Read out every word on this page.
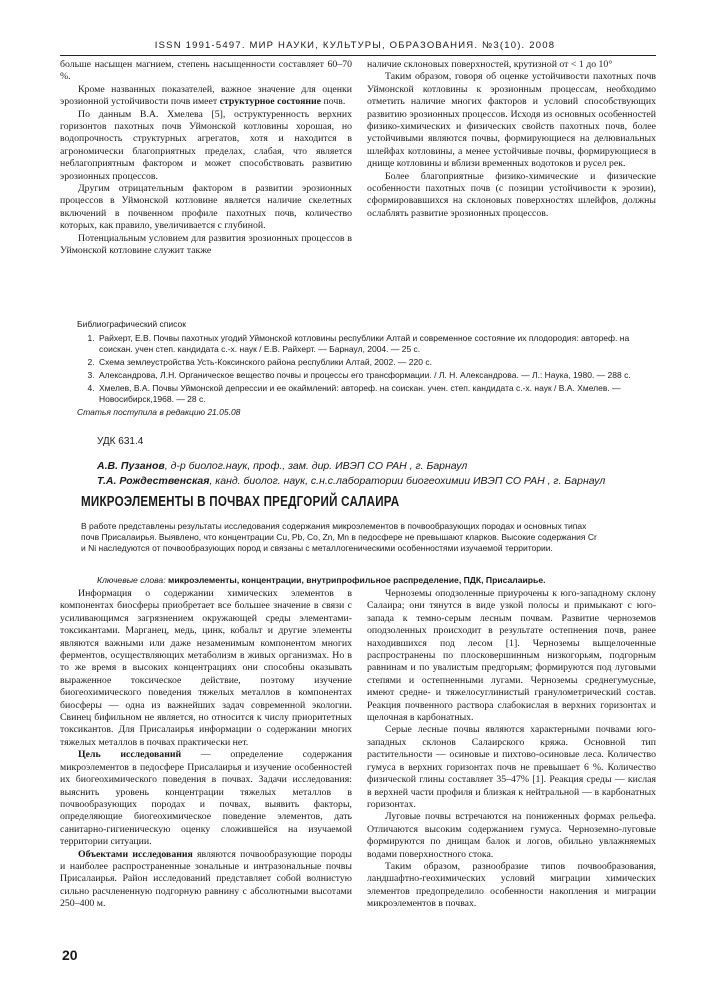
ISSN 1991-5497. МИР НАУКИ, КУЛЬТУРЫ, ОБРАЗОВАНИЯ. №3(10). 2008

больше насыщен магнием, степень насыщенности составляет 60–70 %.

Кроме названных показателей, важное значение для оценки эрозионной устойчивости почв имеет структурное состояние почв.

По данным В.А. Хмелева [5], оструктуренность верхних горизонтов пахотных почв Уймонской котловины хорошая, но водопрочность структурных агрегатов, хотя и находится в агрономически благоприятных пределах, слабая, что является неблагоприятным фактором и может способствовать развитию эрозионных процессов.

Другим отрицательным фактором в развитии эрозионных процессов в Уймонской котловине является наличие скелетных включений в почвенном профиле пахотных почв, количество которых, как правило, увеличивается с глубиной.

Потенциальным условием для развития эрозионных процессов в Уймонской котловине служит также

наличие склоновых поверхностей, крутизной от < 1 до 10°

Таким образом, говоря об оценке устойчивости пахотных почв Уймонской котловины к эрозионным процессам, необходимо отметить наличие многих факторов и условий способствующих развитию эрозионных процессов. Исходя из основных особенностей физико-химических и физических свойств пахотных почв, более устойчивыми являются почвы, формирующиеся на делювиальных шлейфах котловины, а менее устойчивые почвы, формирующиеся в днище котловины и вблизи временных водотоков и русел рек.

Более благоприятные физико-химические и физические особенности пахотных почв (с позиции устойчивости к эрозии), сформировавшихся на склоновых поверхностях шлейфов, должны ослаблять развитие эрозионных процессов.

Библиографический список
1. Райхерт, Е.В. Почвы пахотных угодий Уймонской котловины республики Алтай и современное состояние их плодородия: автореф. на соискан. учен степ. кандидата с.-х. наук / Е.В. Райхерт. — Барнаул, 2004. — 25 с.
2. Схема землеустройства Усть-Коксинского района республики Алтай, 2002. — 220 с.
3. Александрова, Л.Н. Органическое вещество почвы и процессы его трансформации. / Л. Н. Александрова. — Л.: Наука, 1980. — 288 с.
4. Хмелев, В.А. Почвы Уймонской депрессии и ее окаймлений: автореф. на соискан. учен. степ. кандидата с.-х. наук / В.А. Хмелев. — Новосибирск,1968. — 28 с.
Статья поступила в редакцию 21.05.08
УДК 631.4
А.В. Пузанов, д-р биолог.наук, проф., зам. дир. ИВЭП СО РАН , г. Барнаул
Т.А. Рождественская, канд. биолог. наук, с.н.с.лаборатории биогеохимии ИВЭП СО РАН , г. Барнаул
МИКРОЭЛЕМЕНТЫ В ПОЧВАХ ПРЕДГОРИЙ САЛАИРА
В работе представлены результаты исследования содержания микроэлементов в почвообразующих породах и основных типах почв Присалаирья. Выявлено, что концентрации Cu, Pb, Co, Zn, Mn в педосфере не превышают кларков. Высокие содержания Cr и Ni наследуются от почвообразующих пород и связаны с металлогеническими особенностями изучаемой территории.
Ключевые слова: микроэлементы, концентрации, внутрипрофильное распределение, ПДК, Присалаирье.

Информация о содержании химических элементов в компонентах биосферы приобретает все большее значение в связи с усиливающимся загрязнением окружающей среды элементами-токсикантами. Марганец, медь, цинк, кобальт и другие элементы являются важными или даже незаменимым компонентом многих ферментов, осуществляющих метаболизм в живых организмах. Но в то же время в высоких концентрациях они способны оказывать выраженное токсическое действие, поэтому изучение биогеохимического поведения тяжелых металлов в компонентах биосферы — одна из важнейших задач современной экологии. Свинец бифильном не является, но относится к числу приоритетных токсикантов. Для Присалаирья информации о содержании многих тяжелых металлов в почвах практически нет.

Цель исследований — определение содержания микроэлементов в педосфере Присалаирья и изучение особенностей их биогеохимического поведения в почвах. Задачи исследования: выяснить уровень концентрации тяжелых металлов в почвообразующих породах и почвах, выявить факторы, определяющие биогеохимическое поведение элементов, дать санитарно-гигиеническую оценку сложившейся на изучаемой территории ситуации.

Объектами исследования являются почвообразующие породы и наиболее распространенные зональные и интразональные почвы Присалаирья. Район исследований представляет собой волнистую сильно расчлененную подгорную равнину с абсолютными высотами 250–400 м.

Черноземы оподзоленные приурочены к юго-западному склону Салаира; они тянутся в виде узкой полосы и примыкают с юго-запада к темно-серым лесным почвам. Развитие черноземов оподзоленных происходит в результате остепнения почв, ранее находившихся под лесом [1]. Черноземы выщелоченные распространены по плосковершинным низкогорьям, подгорным равнинам и по увалистым предгорьям; формируются под луговыми степями и остепненными лугами. Черноземы среднегумусные, имеют средне- и тяжелосуглинистый гранулометрический состав. Реакция почвенного раствора слабокислая в верхних горизонтах и щелочная в карбонатных.

Серые лесные почвы являются характерными почвами юго-западных склонов Салаирского кряжа. Основной тип растительности — осиновые и пихтово-осиновые леса. Количество гумуса в верхних горизонтах почв не превышает 6 %. Количество физической глины составляет 35–47% [1]. Реакция среды — кислая в верхней части профиля и близкая к нейтральной — в карбонатных горизонтах.

Луговые почвы встречаются на пониженных формах рельефа. Отличаются высоким содержанием гумуса. Черноземно-луговые формируются по днищам балок и логов, обильно увлажняемых водами поверхностного стока.

Таким образом, разнообразие типов почвообразования, ландшафтно-геохимических условий миграции химических элементов предопределило особенности накопления и миграции микроэлементов в почвах.

20
